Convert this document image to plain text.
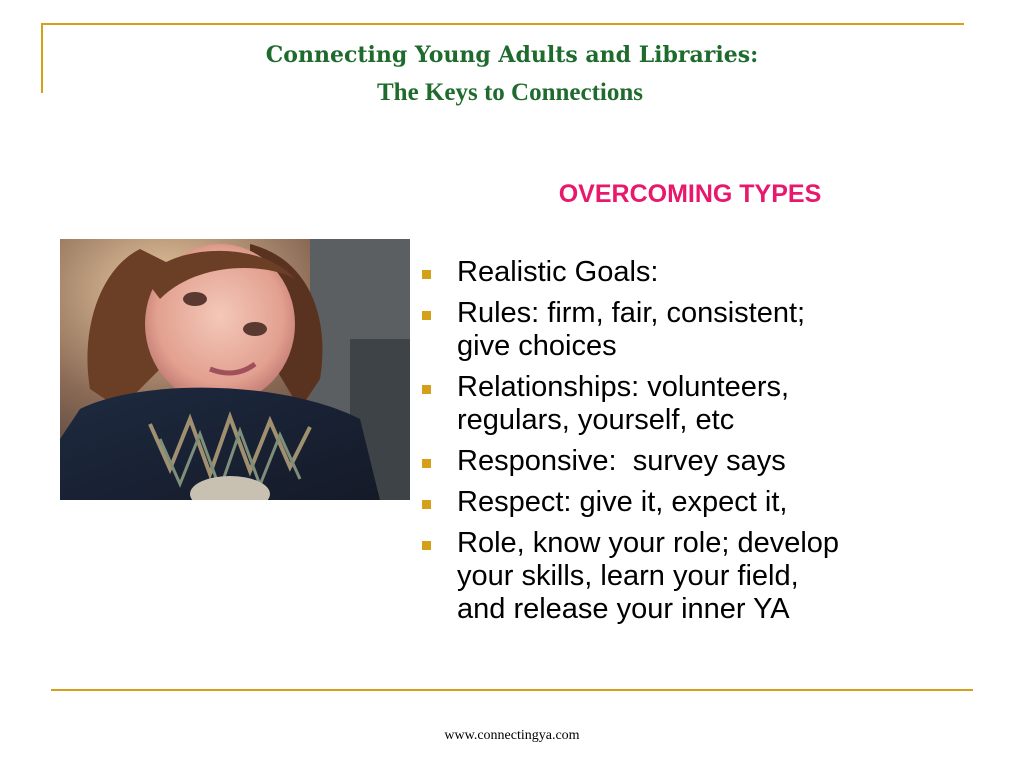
Connecting Young Adults and Libraries:
The Keys to Connections
OVERCOMING TYPES
Realistic Goals:
Rules: firm, fair, consistent;
give choices
Relationships: volunteers,
regulars, yourself, etc
Responsive:  survey says
Respect: give it, expect it,
Role, know your role; develop
your skills, learn your field,
and release your inner YA
www.connectingya.com
